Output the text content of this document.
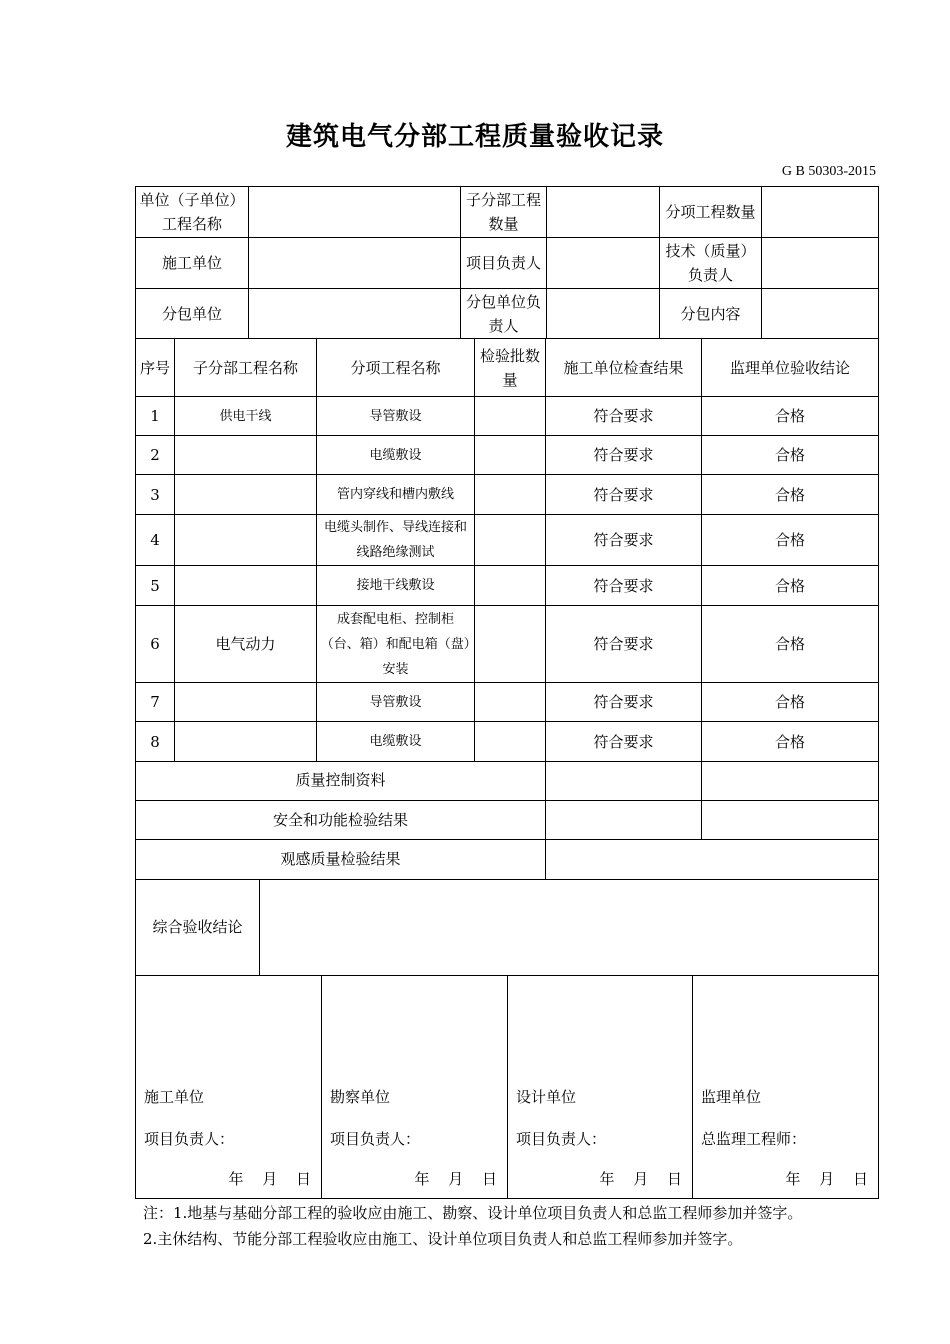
建筑电气分部工程质量验收记录
G B 50303-2015
单位（子单位）工程名称		子分部工程数量		分项工程数量	
施工单位		项目负责人		技术（质量）负责人	
分包单位		分包单位负责人		分包内容	
序号	子分部工程名称	分项工程名称	检验批数量	施工单位检查结果	监理单位验收结论
1	供电干线	导管敷设		符合要求	合格
2		电缆敷设		符合要求	合格
3		管内穿线和槽内敷线		符合要求	合格
4		电缆头制作、导线连接和线路绝缘测试		符合要求	合格
5		接地干线敷设		符合要求	合格
6	电气动力	成套配电柜、控制柜（台、箱）和配电箱（盘）安装		符合要求	合格
7		导管敷设		符合要求	合格
8		电缆敷设		符合要求	合格
质量控制资料		
安全和功能检验结果		
观感质量检验结果		
综合验收结论	
施工单位
项目负责人：
年 月 日

勘察单位
项目负责人：
年 月 日

设计单位
项目负责人：
年 月 日

监理单位
总监理工程师：
年 月 日
注：1.地基与基础分部工程的验收应由施工、勘察、设计单位项目负责人和总监工程师参加并签字。
2.主休结构、节能分部工程验收应由施工、设计单位项目负责人和总监工程师参加并签字。
